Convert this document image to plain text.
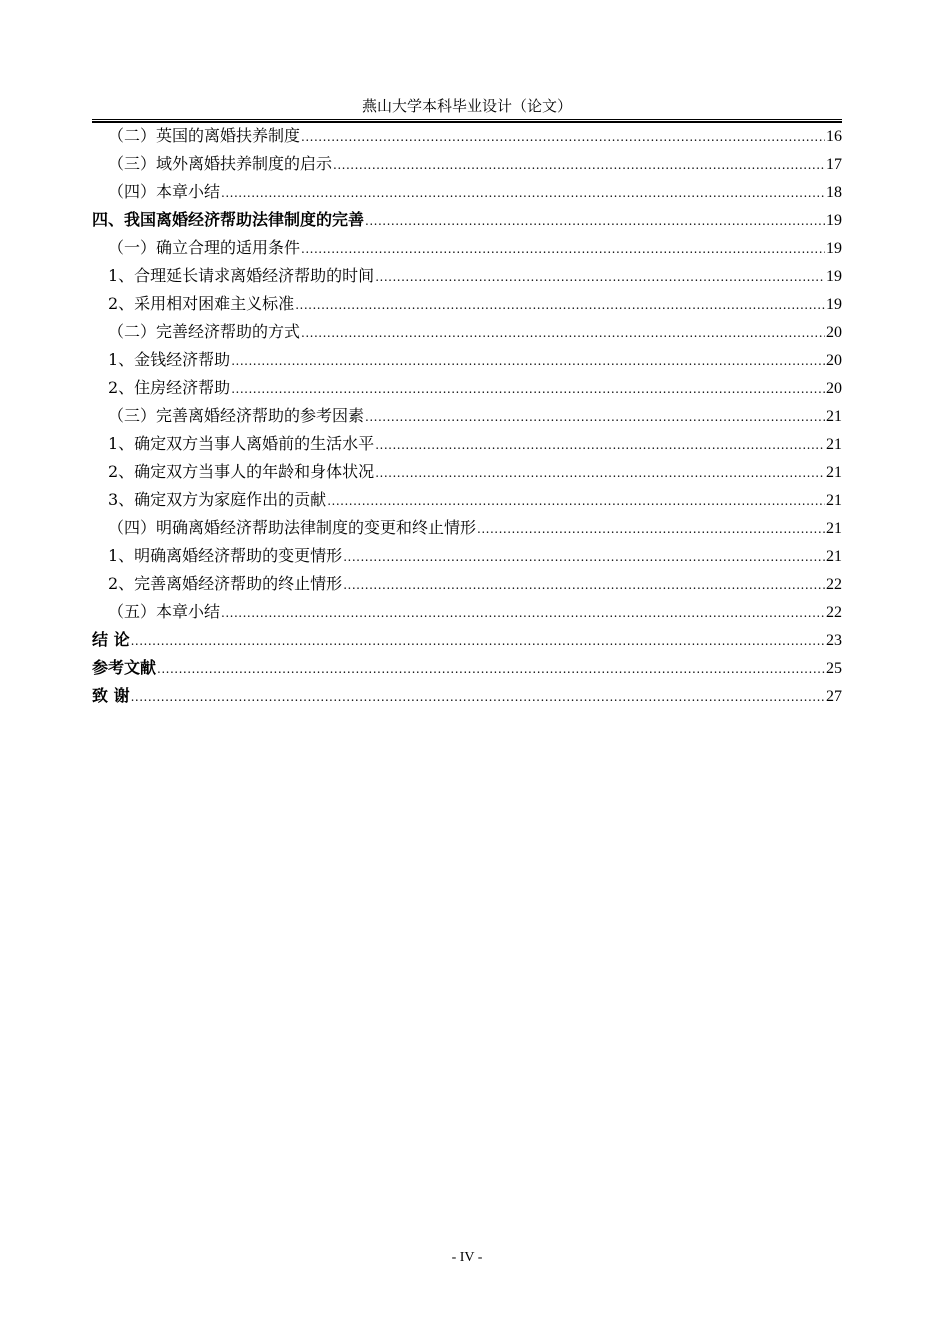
燕山大学本科毕业设计（论文）
（二）英国的离婚扶养制度 .....	16
（三）域外离婚扶养制度的启示 .....	17
（四）本章小结 .....	18
四、我国离婚经济帮助法律制度的完善 .....	19
（一）确立合理的适用条件 .....	19
1、合理延长请求离婚经济帮助的时间 .....	19
2、采用相对困难主义标准 .....	19
（二）完善经济帮助的方式 .....	20
1、金钱经济帮助 .....	20
2、住房经济帮助 .....	20
（三）完善离婚经济帮助的参考因素 .....	21
1、确定双方当事人离婚前的生活水平 .....	21
2、确定双方当事人的年龄和身体状况 .....	21
3、确定双方为家庭作出的贡献 .....	21
（四）明确离婚经济帮助法律制度的变更和终止情形 .....	21
1、明确离婚经济帮助的变更情形 .....	21
2、完善离婚经济帮助的终止情形 .....	22
（五）本章小结 .....	22
结 论 .....	23
参考文献 .....	25
致 谢 .....	27
- IV -
